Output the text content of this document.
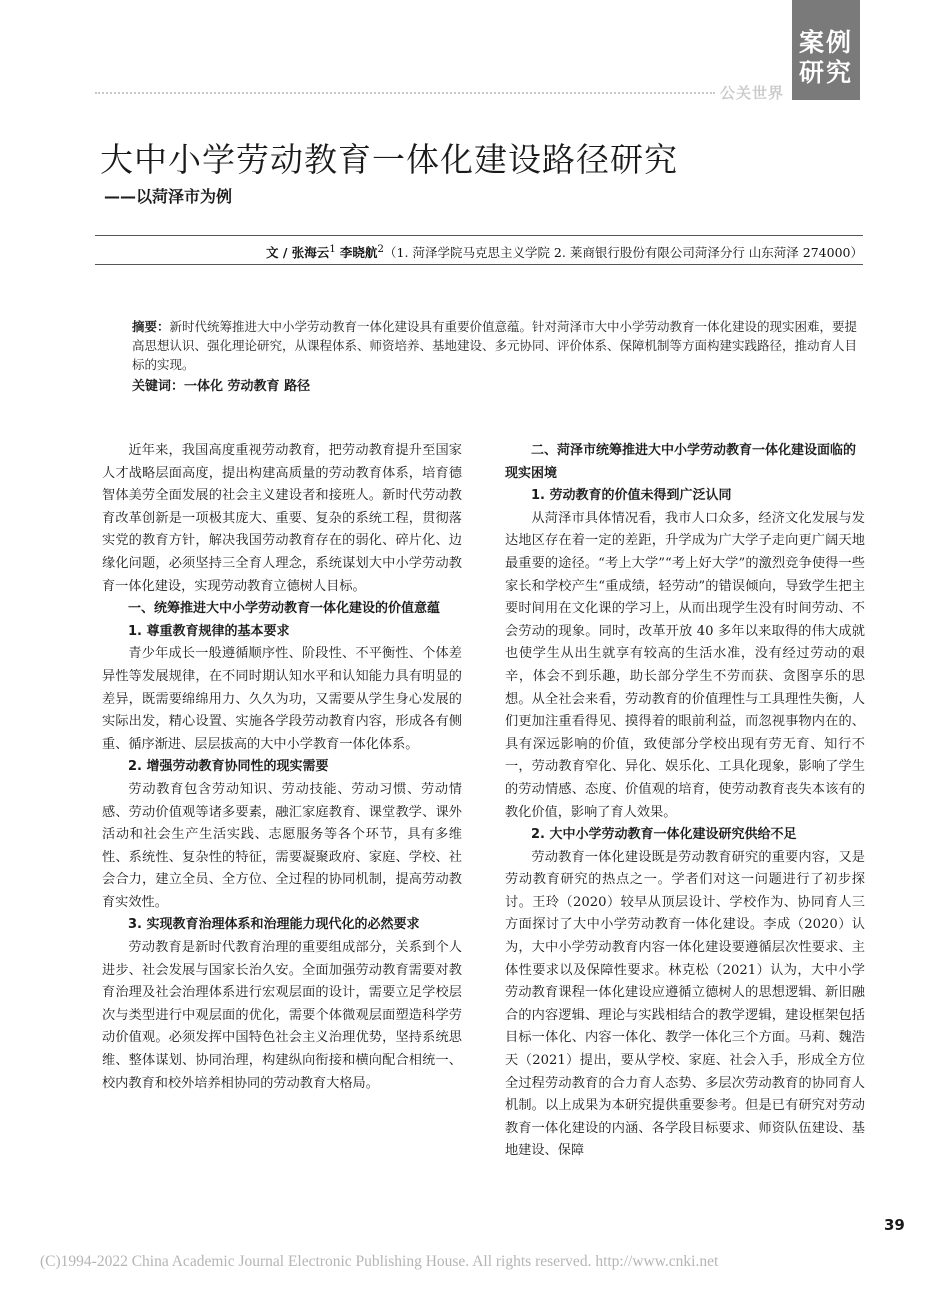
公关世界
案例
研究
大中小学劳动教育一体化建设路径研究
——以菏泽市为例
文 / 张海云$^1$ 李晓航$^2$（1. 菏泽学院马克思主义学院 2. 莱商银行股份有限公司菏泽分行 山东菏泽 274000）
摘要：新时代统筹推进大中小学劳动教育一体化建设具有重要价值意蕴。针对菏泽市大中小学劳动教育一体化建设的现实困难，要提高思想认识、强化理论研究，从课程体系、师资培养、基地建设、多元协同、评价体系、保障机制等方面构建实践路径，推动育人目标的实现。
关键词：一体化 劳动教育 路径

近年来，我国高度重视劳动教育，把劳动教育提升至国家人才战略层面高度，提出构建高质量的劳动教育体系，培育德智体美劳全面发展的社会主义建设者和接班人。新时代劳动教育改革创新是一项极其庞大、重要、复杂的系统工程，贯彻落实党的教育方针，解决我国劳动教育存在的弱化、碎片化、边缘化问题，必须坚持三全育人理念，系统谋划大中小学劳动教育一体化建设，实现劳动教育立德树人目标。

一、统筹推进大中小学劳动教育一体化建设的价值意蕴
1. 尊重教育规律的基本要求

青少年成长一般遵循顺序性、阶段性、不平衡性、个体差异性等发展规律，在不同时期认知水平和认知能力具有明显的差异，既需要绵绵用力、久久为功，又需要从学生身心发展的实际出发，精心设置、实施各学段劳动教育内容，形成各有侧重、循序渐进、层层拔高的大中小学教育一体化体系。

2. 增强劳动教育协同性的现实需要

劳动教育包含劳动知识、劳动技能、劳动习惯、劳动情感、劳动价值观等诸多要素，融汇家庭教育、课堂教学、课外活动和社会生产生活实践、志愿服务等各个环节，具有多维性、系统性、复杂性的特征，需要凝聚政府、家庭、学校、社会合力，建立全员、全方位、全过程的协同机制，提高劳动教育实效性。

3. 实现教育治理体系和治理能力现代化的必然要求

劳动教育是新时代教育治理的重要组成部分，关系到个人进步、社会发展与国家长治久安。全面加强劳动教育需要对教育治理及社会治理体系进行宏观层面的设计，需要立足学校层次与类型进行中观层面的优化，需要个体微观层面塑造科学劳动价值观。必须发挥中国特色社会主义治理优势，坚持系统思维、整体谋划、协同治理，构建纵向衔接和横向配合相统一、校内教育和校外培养相协同的劳动教育大格局。

二、菏泽市统筹推进大中小学劳动教育一体化建设面临的现实困境
1. 劳动教育的价值未得到广泛认同

从菏泽市具体情况看，我市人口众多，经济文化发展与发达地区存在着一定的差距，升学成为广大学子走向更广阔天地最重要的途径。“考上大学”“考上好大学”的激烈竞争使得一些家长和学校产生“重成绩，轻劳动”的错误倾向，导致学生把主要时间用在文化课的学习上，从而出现学生没有时间劳动、不会劳动的现象。同时，改革开放 40 多年以来取得的伟大成就也使学生从出生就享有较高的生活水准，没有经过劳动的艰辛，体会不到乐趣，助长部分学生不劳而获、贪图享乐的思想。从全社会来看，劳动教育的价值理性与工具理性失衡，人们更加注重看得见、摸得着的眼前利益，而忽视事物内在的、具有深远影响的价值，致使部分学校出现有劳无育、知行不一，劳动教育窄化、异化、娱乐化、工具化现象，影响了学生的劳动情感、态度、价值观的培育，使劳动教育丧失本该有的教化价值，影响了育人效果。

2. 大中小学劳动教育一体化建设研究供给不足

劳动教育一体化建设既是劳动教育研究的重要内容，又是劳动教育研究的热点之一。学者们对这一问题进行了初步探讨。王玲（2020）较早从顶层设计、学校作为、协同育人三方面探讨了大中小学劳动教育一体化建设。李成（2020）认为，大中小学劳动教育内容一体化建设要遵循层次性要求、主体性要求以及保障性要求。林克松（2021）认为，大中小学劳动教育课程一体化建设应遵循立德树人的思想逻辑、新旧融合的内容逻辑、理论与实践相结合的教学逻辑，建设框架包括目标一体化、内容一体化、教学一体化三个方面。马莉、魏浩天（2021）提出，要从学校、家庭、社会入手，形成全方位全过程劳动教育的合力育人态势、多层次劳动教育的协同育人机制。以上成果为本研究提供重要参考。但是已有研究对劳动教育一体化建设的内涵、各学段目标要求、师资队伍建设、基地建设、保障

39
(C)1994-2022 China Academic Journal Electronic Publishing House. All rights reserved. http://www.cnki.net
